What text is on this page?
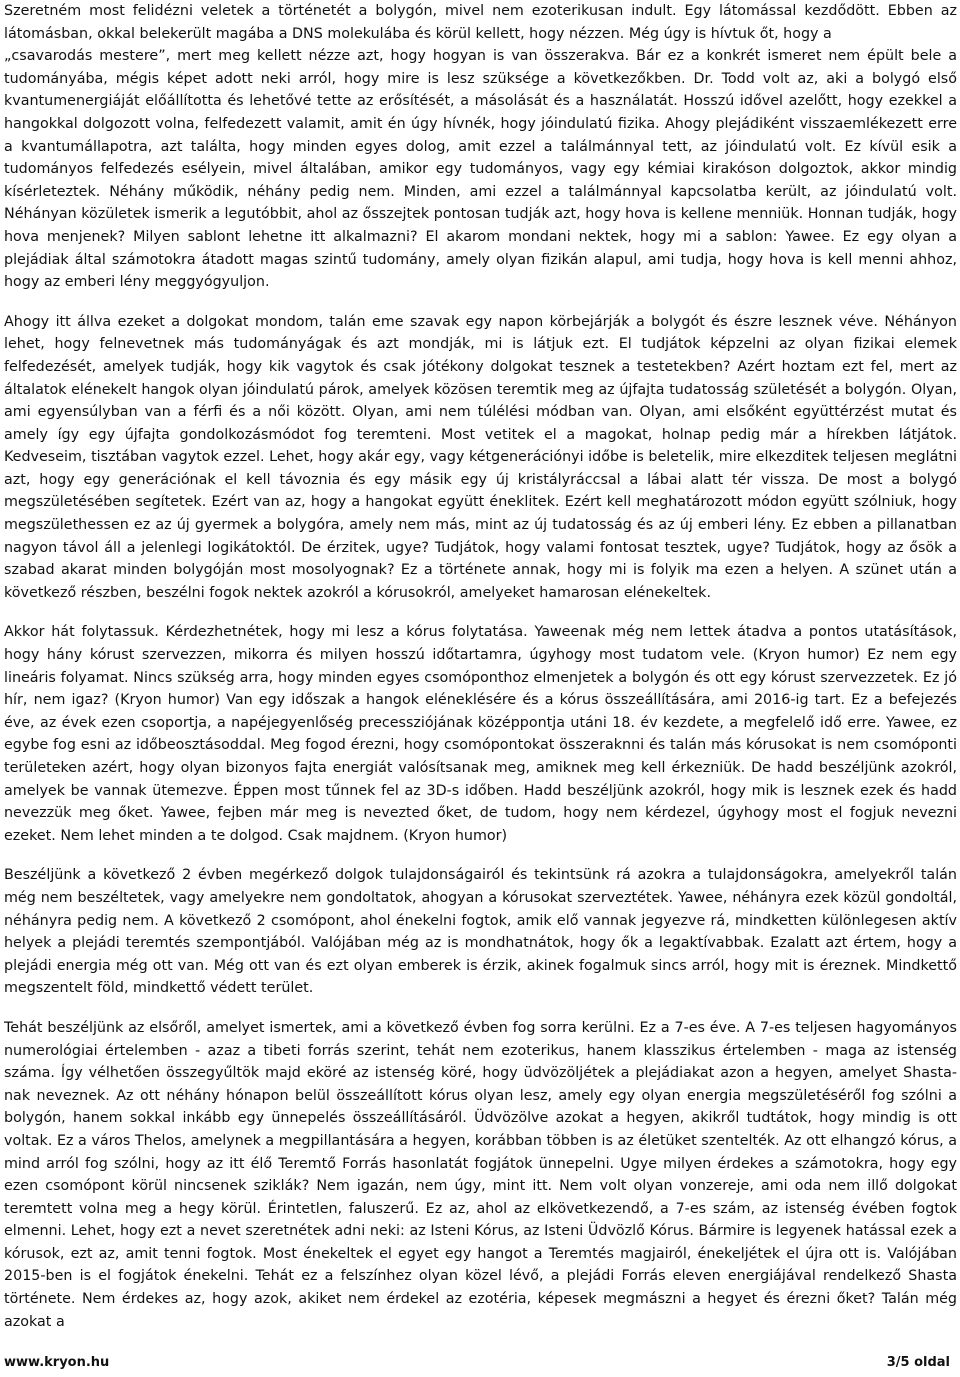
Szeretném most felidézni veletek a történetét a bolygón, mivel nem ezoterikusan indult. Egy látomással kezdődött. Ebben az látomásban, okkal belekerült magába a DNS molekulába és körül kellett, hogy nézzen. Még úgy is hívtuk őt, hogy a
„csavarodás mestere”, mert meg kellett nézze azt, hogy hogyan is van összerakva. Bár ez a konkrét ismeret nem épült bele a tudományába, mégis képet adott neki arról, hogy mire is lesz szüksége a következőkben. Dr. Todd volt az, aki a bolygó első kvantumenergiáját előállította és lehetővé tette az erősítését, a másolását és a használatát. Hosszú idővel azelőtt, hogy ezekkel a hangokkal dolgozott volna, felfedezett valamit, amit én úgy hívnék, hogy jóindulatú fizika. Ahogy plejádiként visszaemlékezett erre a kvantumállapotra, azt találta, hogy minden egyes dolog, amit ezzel a találmánnyal tett, az jóindulatú volt. Ez kívül esik a tudományos felfedezés esélyein, mivel általában, amikor egy tudományos, vagy egy kémiai kirakóson dolgoztok, akkor mindig kísérleteztek. Néhány működik, néhány pedig nem. Minden, ami ezzel a találmánnyal kapcsolatba került, az jóindulatú volt. Néhányan közületek ismerik a legutóbbit, ahol az ősszejtek pontosan tudják azt, hogy hova is kellene menniük. Honnan tudják, hogy hova menjenek? Milyen sablont lehetne itt alkalmazni? El akarom mondani nektek, hogy mi a sablon: Yawee. Ez egy olyan a plejádiak által számotokra átadott magas szintű tudomány, amely olyan fizikán alapul, ami tudja, hogy hova is kell menni ahhoz, hogy az emberi lény meggyógyuljon.

Ahogy itt állva ezeket a dolgokat mondom, talán eme szavak egy napon körbejárják a bolygót és észre lesznek véve. Néhányon lehet, hogy felnevetnek más tudományágak és azt mondják, mi is látjuk ezt. El tudjátok képzelni az olyan fizikai elemek felfedezését, amelyek tudják, hogy kik vagytok és csak jótékony dolgokat tesznek a testetekben? Azért hoztam ezt fel, mert az általatok elénekelt hangok olyan jóindulatú párok, amelyek közösen teremtik meg az újfajta tudatosság születését a bolygón. Olyan, ami egyensúlyban van a férfi és a női között. Olyan, ami nem túlélési módban van. Olyan, ami elsőként együttérzést mutat és amely így egy újfajta gondolkozásmódot fog teremteni. Most vetitek el a magokat, holnap pedig már a hírekben látjátok. Kedveseim, tisztában vagytok ezzel. Lehet, hogy akár egy, vagy kétgenerációnyi időbe is beletelik, mire elkezditek teljesen meglátni azt, hogy egy generációnak el kell távoznia és egy másik egy új kristályráccsal a lábai alatt tér vissza. De most a bolygó megszületésében segítetek. Ezért van az, hogy a hangokat együtt éneklitek. Ezért kell meghatározott módon együtt szólniuk, hogy megszülethessen ez az új gyermek a bolygóra, amely nem más, mint az új tudatosság és az új emberi lény. Ez ebben a pillanatban nagyon távol áll a jelenlegi logikátoktól. De érzitek, ugye? Tudjátok, hogy valami fontosat tesztek, ugye? Tudjátok, hogy az ősök a szabad akarat minden bolygóján most mosolyognak? Ez a története annak, hogy mi is folyik ma ezen a helyen. A szünet után a következő részben, beszélni fogok nektek azokról a kórusokról, amelyeket hamarosan elénekeltek.

Akkor hát folytassuk. Kérdezhetnétek, hogy mi lesz a kórus folytatása. Yaweenak még nem lettek átadva a pontos utatásítások, hogy hány kórust szervezzen, mikorra és milyen hosszú időtartamra, úgyhogy most tudatom vele. (Kryon humor) Ez nem egy lineáris folyamat. Nincs szükség arra, hogy minden egyes csomóponthoz elmenjetek a bolygón és ott egy kórust szervezzetek. Ez jó hír, nem igaz? (Kryon humor) Van egy időszak a hangok eléneklésére és a kórus összeállítására, ami 2016-ig tart. Ez a befejezés éve, az évek ezen csoportja, a napéjegyenlőség precessziójának középpontja utáni 18. év kezdete, a megfelelő idő erre. Yawee, ez egybe fog esni az időbeosztásoddal. Meg fogod érezni, hogy csomópontokat összeraknni és talán más kórusokat is nem csomóponti területeken azért, hogy olyan bizonyos fajta energiát valósítsanak meg, amiknek meg kell érkezniük. De hadd beszéljünk azokról, amelyek be vannak ütemezve. Éppen most tűnnek fel az 3D-s időben. Hadd beszéljünk azokról, hogy mik is lesznek ezek és hadd nevezzük meg őket. Yawee, fejben már meg is nevezted őket, de tudom, hogy nem kérdezel, úgyhogy most el fogjuk nevezni ezeket. Nem lehet minden a te dolgod. Csak majdnem. (Kryon humor)

Beszéljünk a következő 2 évben megérkező dolgok tulajdonságairól és tekintsünk rá azokra a tulajdonságokra, amelyekről talán még nem beszéltetek, vagy amelyekre nem gondoltatok, ahogyan a kórusokat szerveztétek. Yawee, néhányra ezek közül gondoltál, néhányra pedig nem. A következő 2 csomópont, ahol énekelni fogtok, amik elő vannak jegyezve rá, mindketten különlegesen aktív helyek a plejádi teremtés szempontjából. Valójában még az is mondhatnátok, hogy ők a legaktívabbak. Ezalatt azt értem, hogy a plejádi energia még ott van. Még ott van és ezt olyan emberek is érzik, akinek fogalmuk sincs arról, hogy mit is éreznek. Mindkettő megszentelt föld, mindkettő védett terület.

Tehát beszéljünk az elsőről, amelyet ismertek, ami a következő évben fog sorra kerülni. Ez a 7-es éve. A 7-es teljesen hagyományos numerológiai értelemben - azaz a tibeti forrás szerint, tehát nem ezoterikus, hanem klasszikus értelemben - maga az istenség száma. Így vélhetően összegyűltök majd eköré az istenség köré, hogy üdvözöljétek a plejádiakat azon a hegyen, amelyet Shasta-nak neveznek. Az ott néhány hónapon belül összeállított kórus olyan lesz, amely egy olyan energia megszületéséről fog szólni a bolygón, hanem sokkal inkább egy ünnepelés összeállításáról. Üdvözölve azokat a hegyen, akikről tudtátok, hogy mindig is ott voltak. Ez a város Thelos, amelynek a megpillantására a hegyen, korábban többen is az életüket szentelték. Az ott elhangzó kórus, a mind arról fog szólni, hogy az itt élő Teremtő Forrás hasonlatát fogjátok ünnepelni. Ugye milyen érdekes a számotokra, hogy egy ezen csomópont körül nincsenek sziklák? Nem igazán, nem úgy, mint itt. Nem volt olyan vonzereje, ami oda nem illő dolgokat teremtett volna meg a hegy körül. Érintetlen, faluszerű. Ez az, ahol az elkövetkezendő, a 7-es szám, az istenség évében fogtok elmenni. Lehet, hogy ezt a nevet szeretnétek adni neki: az Isteni Kórus, az Isteni Üdvözlő Kórus. Bármire is legyenek hatással ezek a kórusok, ezt az, amit tenni fogtok. Most énekeltek el egyet egy hangot a Teremtés magjairól, énekeljétek el újra ott is. Valójában 2015-ben is el fogjátok énekelni. Tehát ez a felszínhez olyan közel lévő, a plejádi Forrás eleven energiájával rendelkező Shasta története. Nem érdekes az, hogy azok, akiket nem érdekel az ezotéria, képesek megmászni a hegyet és érezni őket? Talán még azokat a

www.kryon.hu	3/5 oldal
